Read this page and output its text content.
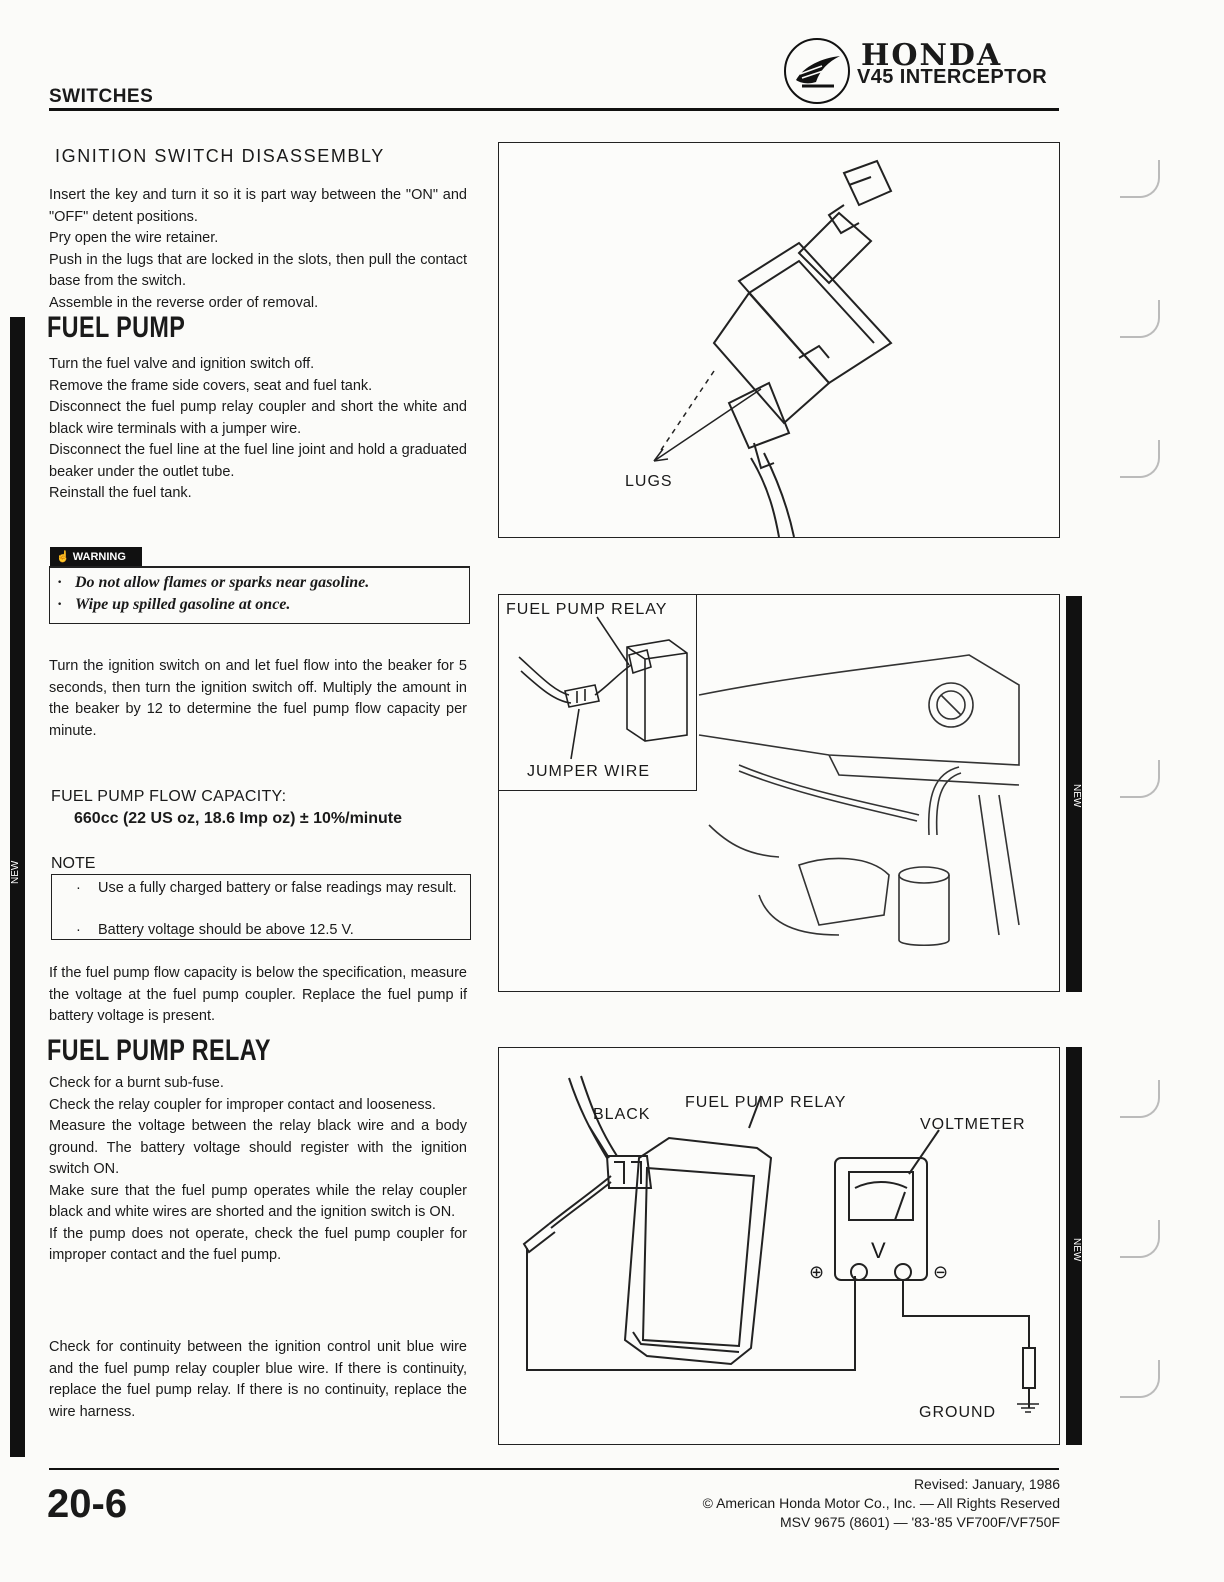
SWITCHES
HONDA
V45 INTERCEPTOR
NEW
IGNITION SWITCH DISASSEMBLY
Insert the key and turn it so it is part way between the "ON" and "OFF" detent positions.
Pry open the wire retainer.
Push in the lugs that are locked in the slots, then pull the contact base from the switch.
Assemble in the reverse order of removal.
FUEL PUMP
Turn the fuel valve and ignition switch off.
Remove the frame side covers, seat and fuel tank.
Disconnect the fuel pump relay coupler and short the white and black wire terminals with a jumper wire.
Disconnect the fuel line at the fuel line joint and hold a graduated beaker under the outlet tube.
Reinstall the fuel tank.
☝ WARNING
· Do not allow flames or sparks near gasoline.
· Wipe up spilled gasoline at once.
Turn the ignition switch on and let fuel flow into the beaker for 5 seconds, then turn the ignition switch off. Multiply the amount in the beaker by 12 to determine the fuel pump flow capacity per minute.
FUEL PUMP FLOW CAPACITY:
660cc (22 US oz, 18.6 Imp oz) ± 10%/minute
NOTE
· Use a fully charged battery or false readings may result.
· Battery voltage should be above 12.5 V.
If the fuel pump flow capacity is below the specification, measure the voltage at the fuel pump coupler. Replace the fuel pump if battery voltage is present.
FUEL PUMP RELAY
Check for a burnt sub-fuse.
Check the relay coupler for improper contact and looseness.
Measure the voltage between the relay black wire and a body ground. The battery voltage should register with the ignition switch ON.
Make sure that the fuel pump operates while the relay coupler black and white wires are shorted and the ignition switch is ON.
If the pump does not operate, check the fuel pump coupler for improper contact and the fuel pump.
Check for continuity between the ignition control unit blue wire and the fuel pump relay coupler blue wire. If there is continuity, replace the fuel pump relay. If there is no continuity, replace the wire harness.
LUGS
FUEL PUMP RELAY
JUMPER WIRE
NEW
BLACK
FUEL PUMP RELAY
VOLTMETER
GROUND
V
⊕	⊖
NEW
20-6	Revised: January, 1986
© American Honda Motor Co., Inc. — All Rights Reserved
MSV 9675 (8601) — '83-'85 VF700F/VF750F
